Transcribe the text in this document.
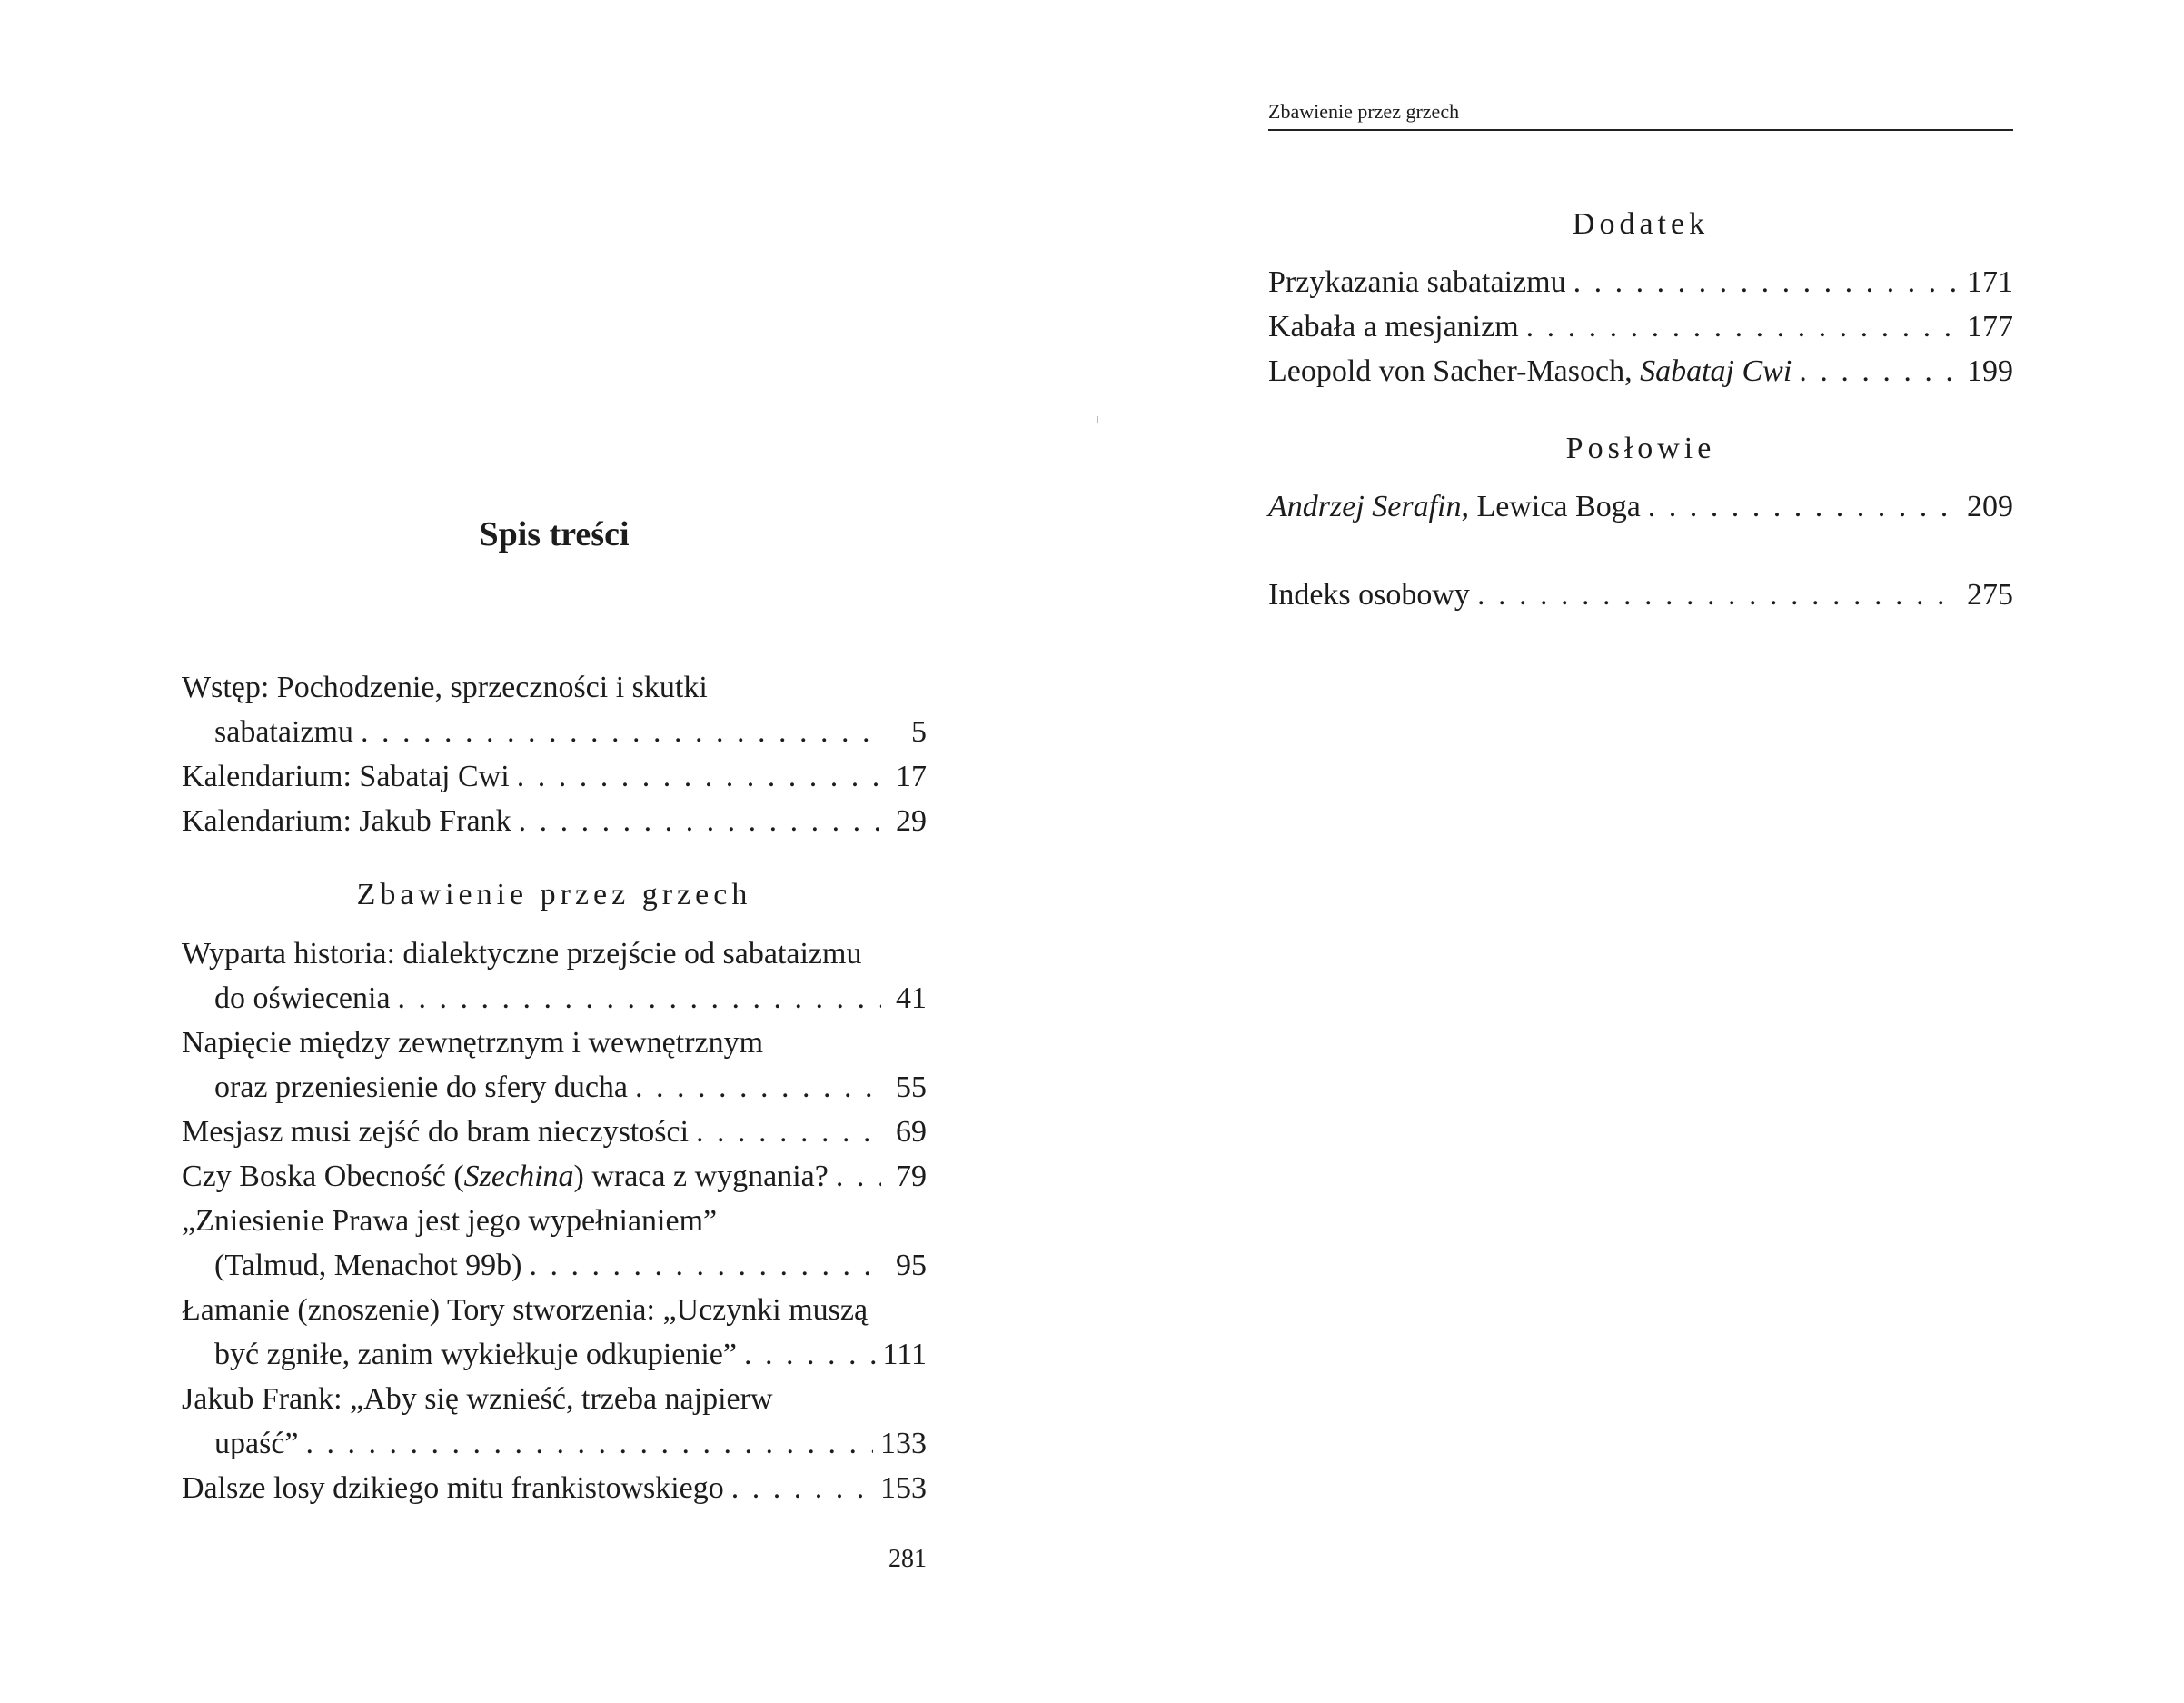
Spis treści
Wstęp: Pochodzenie, sprzeczności i skutki
sabataizmu . . .	5
Kalendarium: Sabataj Cwi . . .	17
Kalendarium: Jakub Frank . . .	29
Zbawienie przez grzech
Wyparta historia: dialektyczne przejście od sabataizmu
do oświecenia . . .	41
Napięcie między zewnętrznym i wewnętrznym
oraz przeniesienie do sfery ducha . . .	55
Mesjasz musi zejść do bram nieczystości . . .	69
Czy Boska Obecność (Szechina) wraca z wygnania? . . . 79
„Zniesienie Prawa jest jego wypełnianiem”
(Talmud, Menachot 99b) . . .	95
Łamanie (znoszenie) Tory stworzenia: „Uczynki muszą
być zgniłe, zanim wykiełkuje odkupienie” . . .	111
Jakub Frank: „Aby się wznieść, trzeba najpierw
upaść” . . .	133
Dalsze losy dzikiego mitu frankistowskiego . . .	153
281
Zbawienie przez grzech
Dodatek
Przykazania sabataizmu . . .	171
Kabała a mesjanizm . . .	177
Leopold von Sacher-Masoch, Sabataj Cwi . . .	199
Posłowie
Andrzej Serafin, Lewica Boga . . .	209
Indeks osobowy . . .	275
